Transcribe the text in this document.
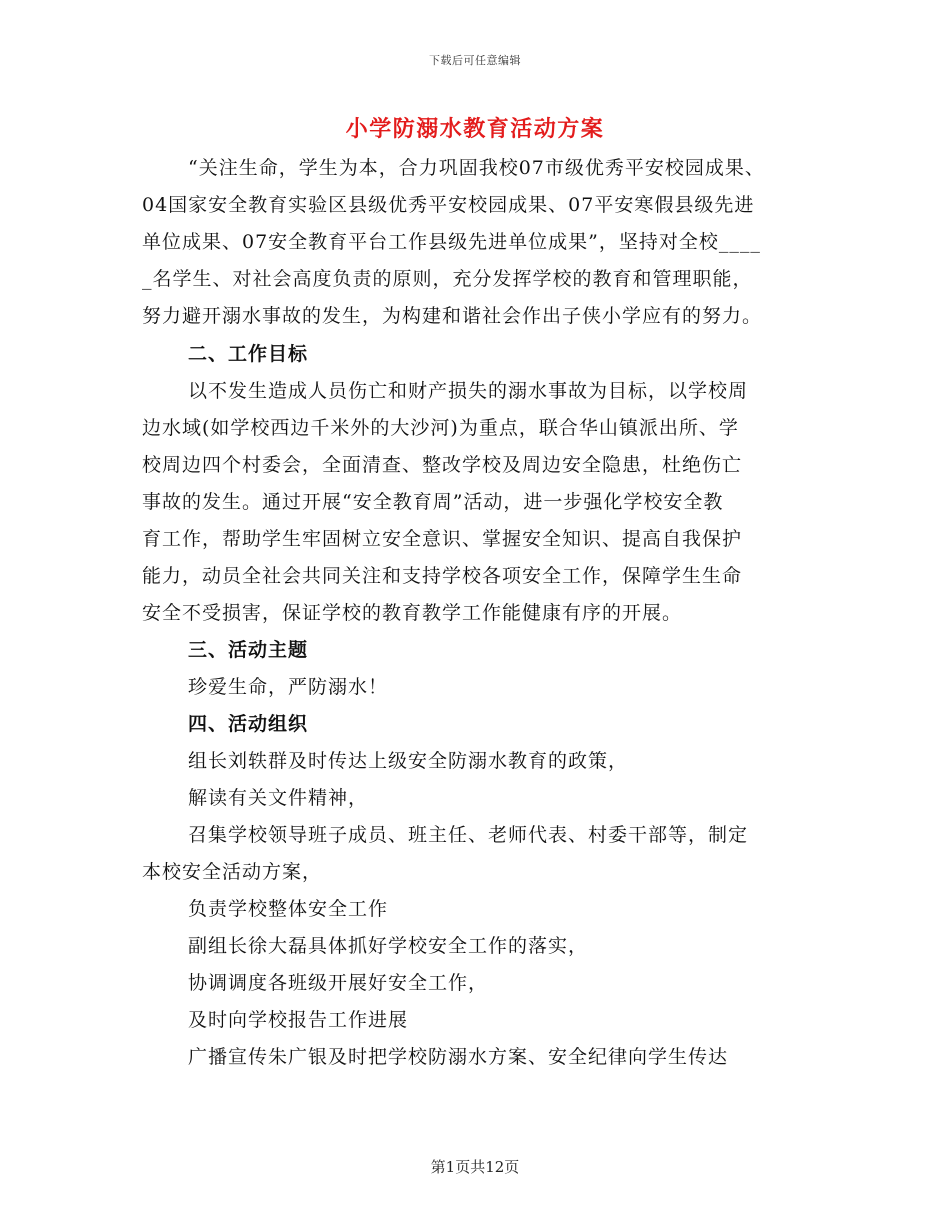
下载后可任意编辑
小学防溺水教育活动方案
“关注生命，学生为本，合力巩固我校07市级优秀平安校园成果、
04国家安全教育实验区县级优秀平安校园成果、07平安寒假县级先进
单位成果、07安全教育平台工作县级先进单位成果”，坚持对全校____
_名学生、对社会高度负责的原则，充分发挥学校的教育和管理职能，
努力避开溺水事故的发生，为构建和谐社会作出子侠小学应有的努力。
二、工作目标
以不发生造成人员伤亡和财产损失的溺水事故为目标，以学校周
边水域(如学校西边千米外的大沙河)为重点，联合华山镇派出所、学
校周边四个村委会，全面清查、整改学校及周边安全隐患，杜绝伤亡
事故的发生。通过开展“安全教育周”活动，进一步强化学校安全教
育工作，帮助学生牢固树立安全意识、掌握安全知识、提高自我保护
能力，动员全社会共同关注和支持学校各项安全工作，保障学生生命
安全不受损害，保证学校的教育教学工作能健康有序的开展。
三、活动主题
珍爱生命，严防溺水！
四、活动组织
组长刘轶群及时传达上级安全防溺水教育的政策，
解读有关文件精神，
召集学校领导班子成员、班主任、老师代表、村委干部等，制定
本校安全活动方案，
负责学校整体安全工作
副组长徐大磊具体抓好学校安全工作的落实，
协调调度各班级开展好安全工作，
及时向学校报告工作进展
广播宣传朱广银及时把学校防溺水方案、安全纪律向学生传达
第1页共12页
